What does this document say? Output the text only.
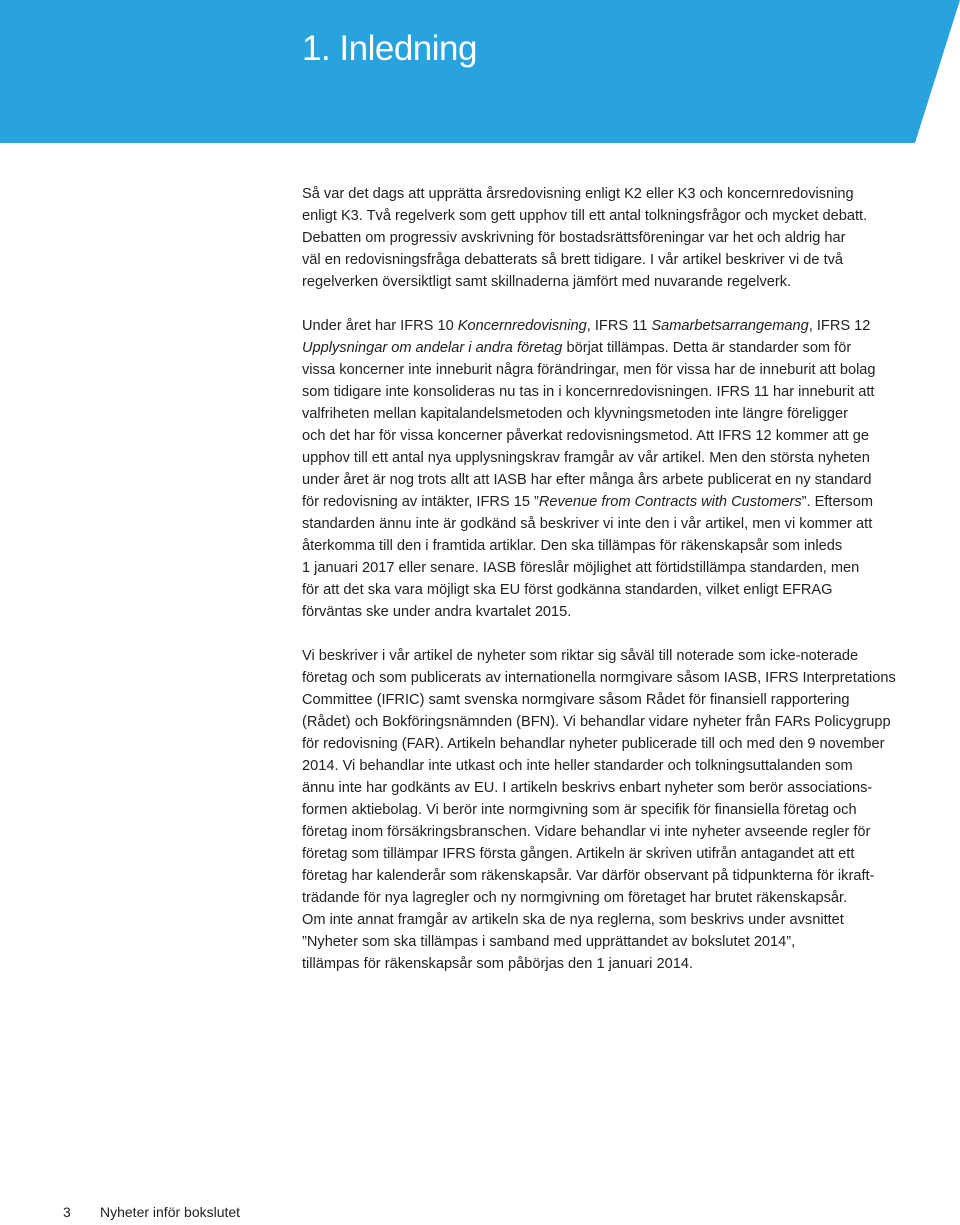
1. Inledning

Så var det dags att upprätta årsredovisning enligt K2 eller K3 och koncernredovisning
enligt K3. Två regelverk som gett upphov till ett antal tolkningsfrågor och mycket debatt.
Debatten om progressiv avskrivning för bostadsrättsföreningar var het och aldrig har
väl en redovisningsfråga debatterats så brett tidigare. I vår artikel beskriver vi de två
regelverken översiktligt samt skillnaderna jämfört med nuvarande regelverk.

Under året har IFRS 10 Koncernredovisning, IFRS 11 Samarbetsarrangemang, IFRS 12
Upplysningar om andelar i andra företag börjat tillämpas. Detta är standarder som för
vissa koncerner inte inneburit några förändringar, men för vissa har de inneburit att bolag
som tidigare inte konsolideras nu tas in i koncernredovisningen. IFRS 11 har inneburit att
valfriheten mellan kapitalandelsmetoden och klyvningsmetoden inte längre föreligger
och det har för vissa koncerner påverkat redovisningsmetod. Att IFRS 12 kommer att ge
upphov till ett antal nya upplysningskrav framgår av vår artikel. Men den största nyheten
under året är nog trots allt att IASB har efter många års arbete publicerat en ny standard
för redovisning av intäkter, IFRS 15 ”Revenue from Contracts with Customers”. Eftersom
standarden ännu inte är godkänd så beskriver vi inte den i vår artikel, men vi kommer att
återkomma till den i framtida artiklar. Den ska tillämpas för räkenskapsår som inleds
1 januari 2017 eller senare. IASB föreslår möjlighet att förtidstillämpa standarden, men
för att det ska vara möjligt ska EU först godkänna standarden, vilket enligt EFRAG
förväntas ske under andra kvartalet 2015.

Vi beskriver i vår artikel de nyheter som riktar sig såväl till noterade som icke-noterade
företag och som publicerats av internationella normgivare såsom IASB, IFRS Interpretations
Committee (IFRIC) samt svenska normgivare såsom Rådet för finansiell rapportering
(Rådet) och Bokföringsnämnden (BFN). Vi behandlar vidare nyheter från FARs Policygrupp
för redovisning (FAR). Artikeln behandlar nyheter publicerade till och med den 9 november
2014. Vi behandlar inte utkast och inte heller standarder och tolkningsuttalanden som
ännu inte har godkänts av EU. I artikeln beskrivs enbart nyheter som berör associations-
formen aktiebolag. Vi berör inte normgivning som är specifik för finansiella företag och
företag inom försäkringsbranschen. Vidare behandlar vi inte nyheter avseende regler för
företag som tillämpar IFRS första gången. Artikeln är skriven utifrån antagandet att ett
företag har kalenderår som räkenskapsår. Var därför observant på tidpunkterna för ikraft-
trädande för nya lagregler och ny normgivning om företaget har brutet räkenskapsår.
Om inte annat framgår av artikeln ska de nya reglerna, som beskrivs under avsnittet
”Nyheter som ska tillämpas i samband med upprättandet av bokslutet 2014”,
tillämpas för räkenskapsår som påbörjas den 1 januari 2014.

3 Nyheter inför bokslutet
